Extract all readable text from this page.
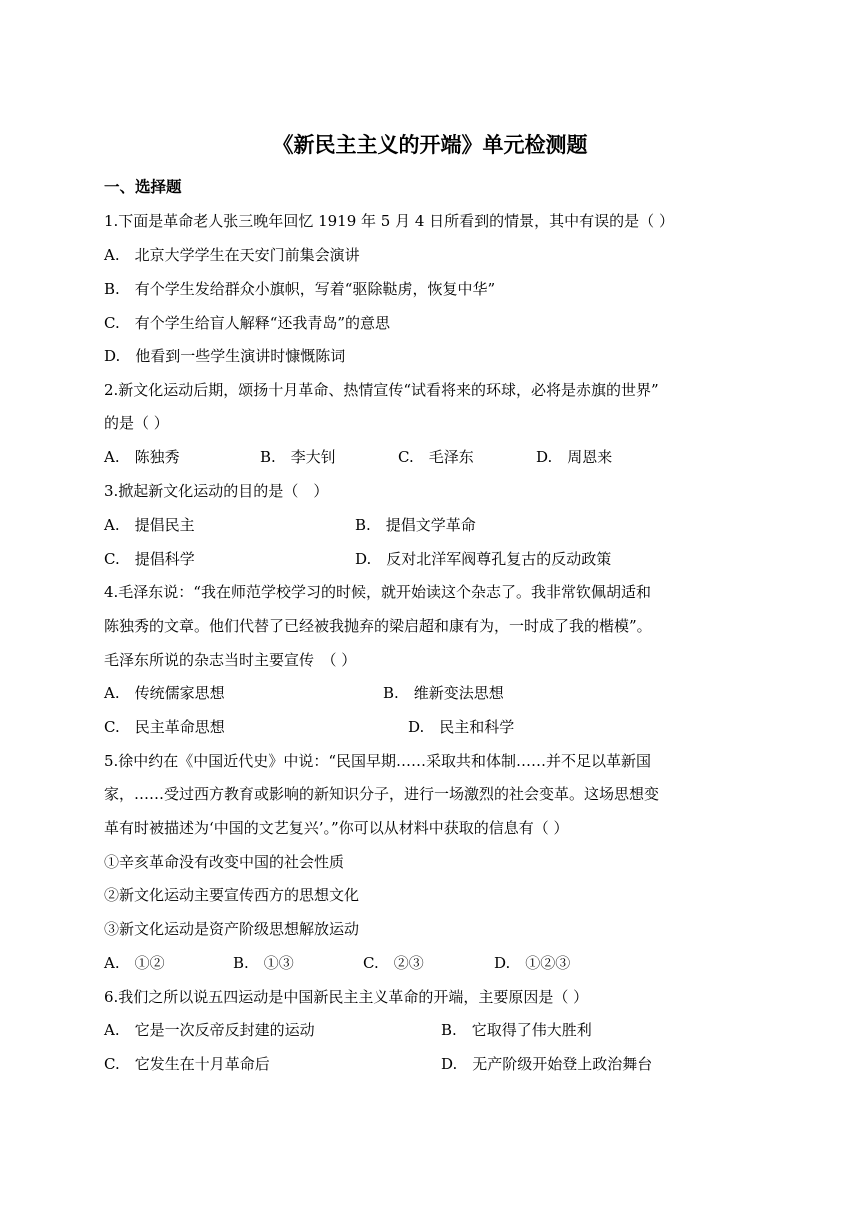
《新民主主义的开端》单元检测题
一、选择题
1.下面是革命老人张三晚年回忆 1919 年 5 月 4 日所看到的情景，其中有误的是（ ）
A.　北京大学学生在天安门前集会演讲
B.　有个学生发给群众小旗帜，写着“驱除鞑虏，恢复中华”
C.　有个学生给盲人解释“还我青岛”的意思
D.　他看到一些学生演讲时慷慨陈词
2.新文化运动后期，颂扬十月革命、热情宣传“试看将来的环球，必将是赤旗的世界”
的是（ ）
A.　陈独秀	B.　李大钊	C.　毛泽东	D.　周恩来
3.掀起新文化运动的目的是（　）
A.　提倡民主	B.　提倡文学革命
C.　提倡科学	D.　反对北洋军阀尊孔复古的反动政策
4.毛泽东说：“我在师范学校学习的时候，就开始读这个杂志了。我非常钦佩胡适和
陈独秀的文章。他们代替了已经被我抛弃的梁启超和康有为，一时成了我的楷模”。
毛泽东所说的杂志当时主要宣传　（ ）
A.　传统儒家思想	B.　维新变法思想
C.　民主革命思想	D.　民主和科学
5.徐中约在《中国近代史》中说：“民国早期……采取共和体制……并不足以革新国
家，……受过西方教育或影响的新知识分子，进行一场激烈的社会变革。这场思想变
革有时被描述为‘中国的文艺复兴’。”你可以从材料中获取的信息有（ ）
①辛亥革命没有改变中国的社会性质
②新文化运动主要宣传西方的思想文化
③新文化运动是资产阶级思想解放运动
A.　①②	B.　①③	C.　②③	D.　①②③
6.我们之所以说五四运动是中国新民主主义革命的开端，主要原因是（ ）
A.　它是一次反帝反封建的运动	B.　它取得了伟大胜利
C.　它发生在十月革命后	D.　无产阶级开始登上政治舞台
